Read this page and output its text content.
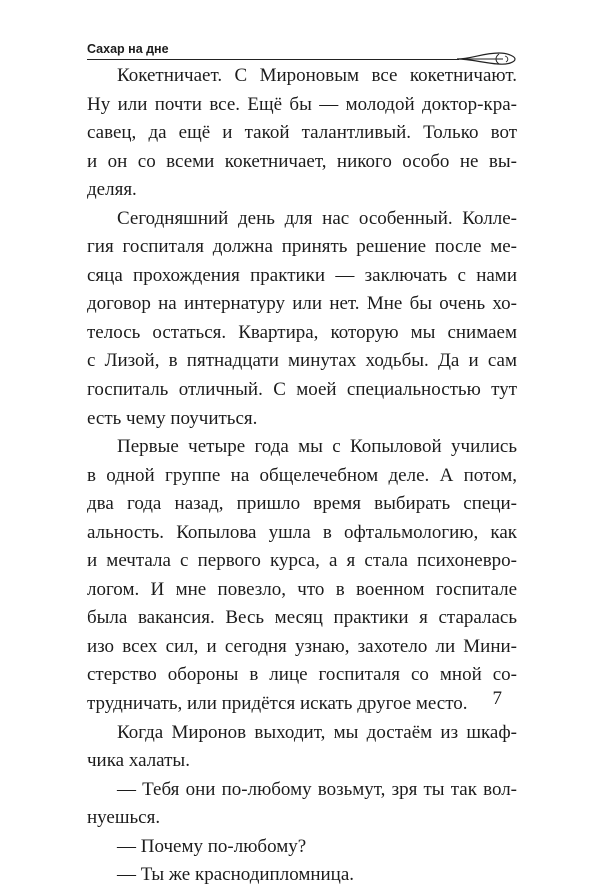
Сахар на дне
Кокетничает. С Мироновым все кокетничают.
Ну или почти все. Ещё бы — молодой доктор-кра-
савец, да ещё и такой талантливый. Только вот
и он со всеми кокетничает, никого особо не вы-
деляя.
Сегодняшний день для нас особенный. Колле-
гия госпиталя должна принять решение после ме-
сяца прохождения практики — заключать с нами
договор на интернатуру или нет. Мне бы очень хо-
телось остаться. Квартира, которую мы снимаем
с Лизой, в пятнадцати минутах ходьбы. Да и сам
госпиталь отличный. С моей специальностью тут
есть чему поучиться.
Первые четыре года мы с Копыловой учились
в одной группе на общелечебном деле. А потом,
два года назад, пришло время выбирать специ-
альность. Копылова ушла в офтальмологию, как
и мечтала с первого курса, а я стала психоневро-
логом. И мне повезло, что в военном госпитале
была вакансия. Весь месяц практики я старалась
изо всех сил, и сегодня узнаю, захотело ли Мини-
стерство обороны в лице госпиталя со мной со-
трудничать, или придётся искать другое место.
Когда Миронов выходит, мы достаём из шкаф-
чика халаты.
— Тебя они по-любому возьмут, зря ты так вол-
нуешься.
— Почему по-любому?
— Ты же краснодипломница.
7
